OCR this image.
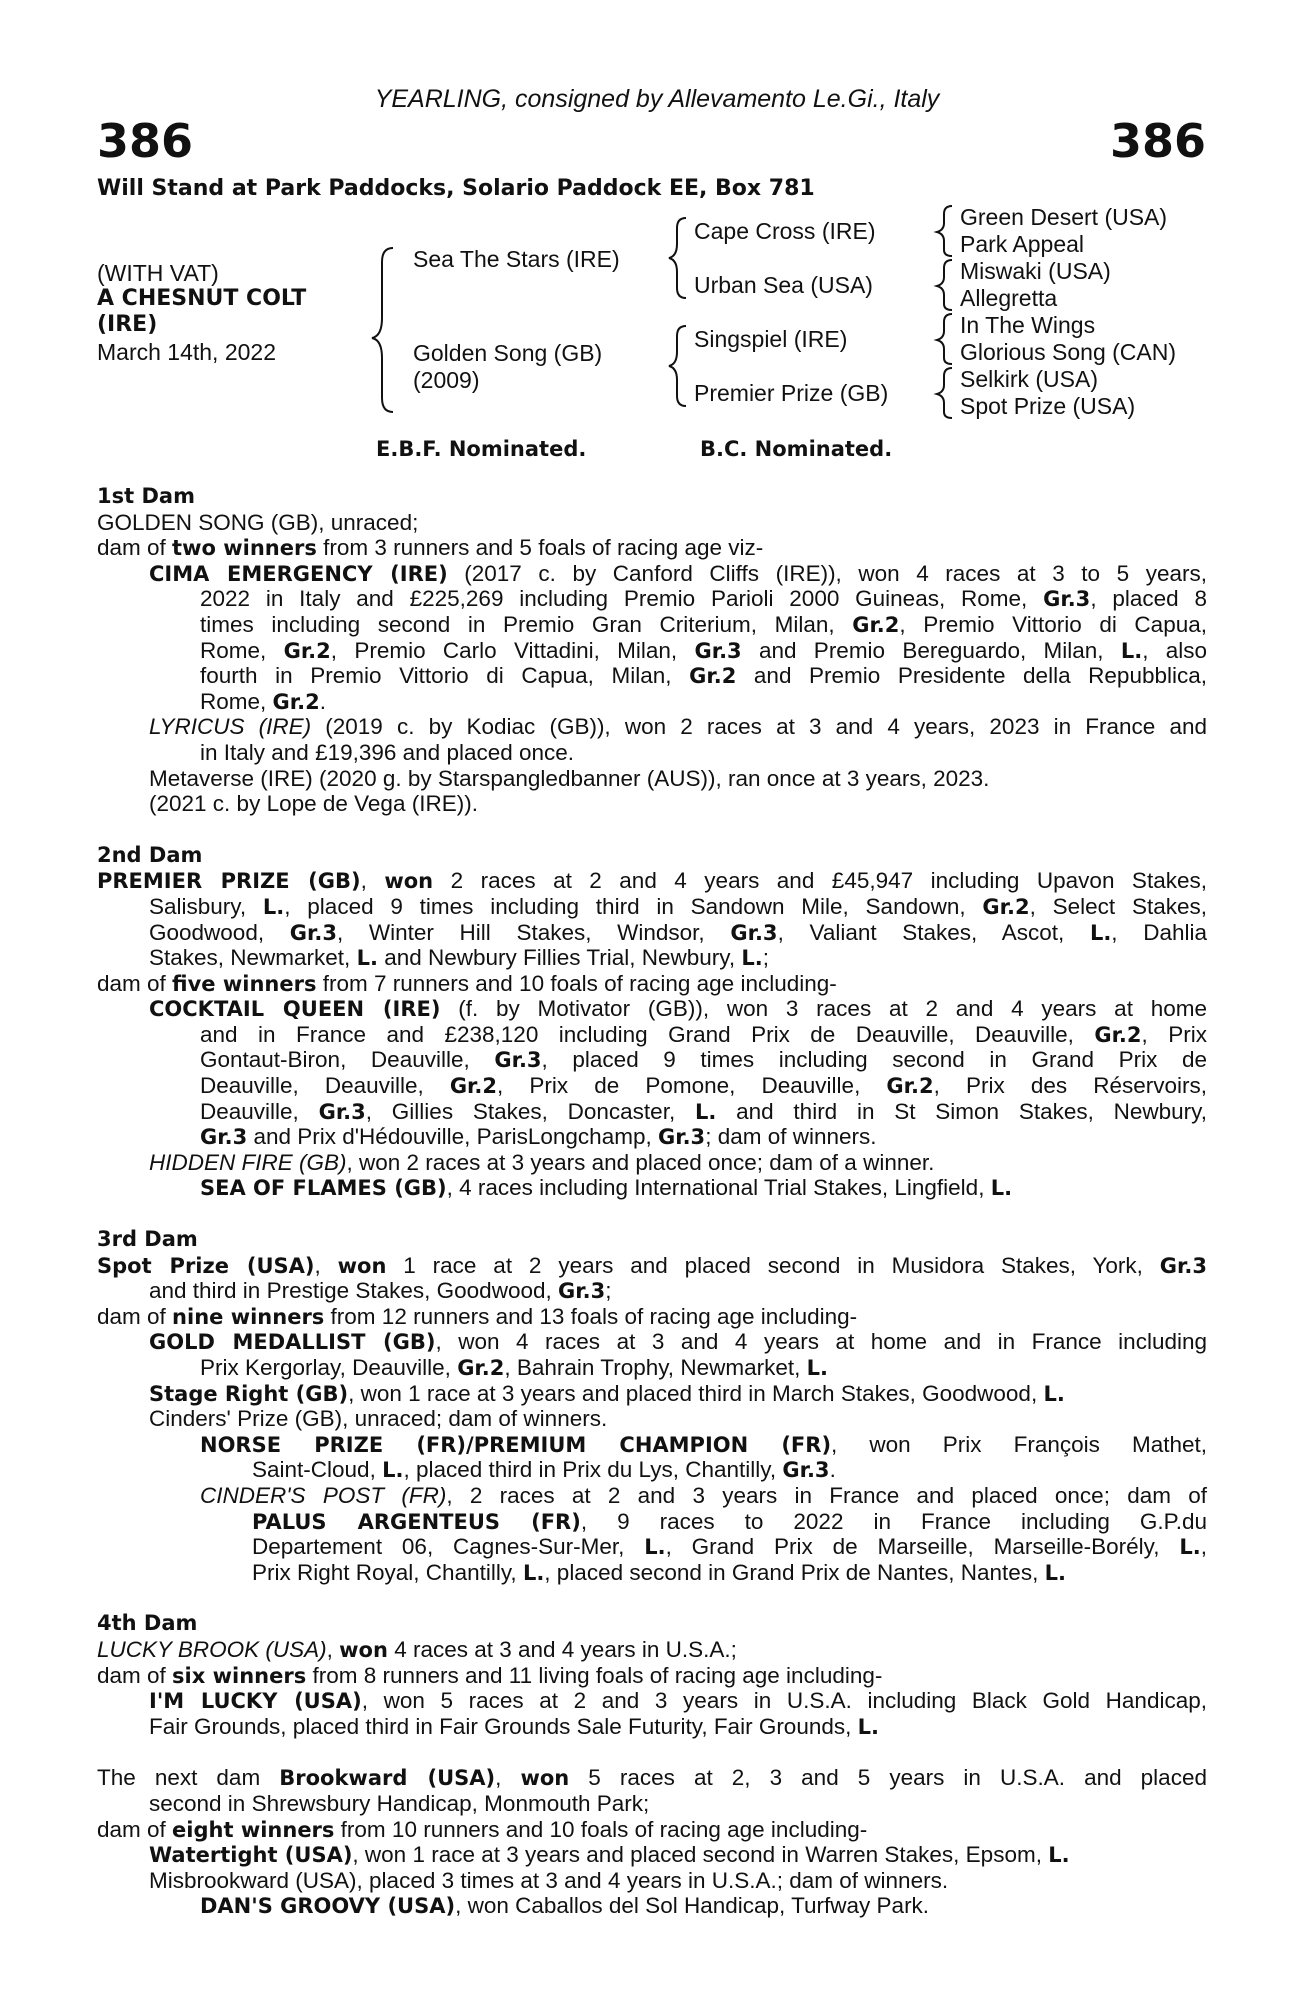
YEARLING, consigned by Allevamento Le.Gi., Italy
386	386
Will Stand at Park Paddocks, Solario Paddock EE, Box 781
(WITH VAT)
A CHESNUT COLT
(IRE)
March 14th, 2022
Sea The Stars (IRE)
Golden Song (GB)
(2009)
Cape Cross (IRE)
Urban Sea (USA)
Singspiel (IRE)
Premier Prize (GB)
Green Desert (USA)
Park Appeal
Miswaki (USA)
Allegretta
In The Wings
Glorious Song (CAN)
Selkirk (USA)
Spot Prize (USA)
E.B.F. Nominated.	B.C. Nominated.
1st Dam
GOLDEN SONG (GB), unraced;
dam of two winners from 3 runners and 5 foals of racing age viz-
CIMA EMERGENCY (IRE) (2017 c. by Canford Cliffs (IRE)), won 4 races at 3 to 5 years,
2022 in Italy and £225,269 including Premio Parioli 2000 Guineas, Rome, Gr.3, placed 8
times including second in Premio Gran Criterium, Milan, Gr.2, Premio Vittorio di Capua,
Rome, Gr.2, Premio Carlo Vittadini, Milan, Gr.3 and Premio Bereguardo, Milan, L., also
fourth in Premio Vittorio di Capua, Milan, Gr.2 and Premio Presidente della Repubblica,
Rome, Gr.2.
LYRICUS (IRE) (2019 c. by Kodiac (GB)), won 2 races at 3 and 4 years, 2023 in France and
in Italy and £19,396 and placed once.
Metaverse (IRE) (2020 g. by Starspangledbanner (AUS)), ran once at 3 years, 2023.
(2021 c. by Lope de Vega (IRE)).
2nd Dam
PREMIER PRIZE (GB), won 2 races at 2 and 4 years and £45,947 including Upavon Stakes,
Salisbury, L., placed 9 times including third in Sandown Mile, Sandown, Gr.2, Select Stakes,
Goodwood, Gr.3, Winter Hill Stakes, Windsor, Gr.3, Valiant Stakes, Ascot, L., Dahlia
Stakes, Newmarket, L. and Newbury Fillies Trial, Newbury, L.;
dam of five winners from 7 runners and 10 foals of racing age including-
COCKTAIL QUEEN (IRE) (f. by Motivator (GB)), won 3 races at 2 and 4 years at home
and in France and £238,120 including Grand Prix de Deauville, Deauville, Gr.2, Prix
Gontaut-Biron, Deauville, Gr.3, placed 9 times including second in Grand Prix de
Deauville, Deauville, Gr.2, Prix de Pomone, Deauville, Gr.2, Prix des Réservoirs,
Deauville, Gr.3, Gillies Stakes, Doncaster, L. and third in St Simon Stakes, Newbury,
Gr.3 and Prix d'Hédouville, ParisLongchamp, Gr.3; dam of winners.
HIDDEN FIRE (GB), won 2 races at 3 years and placed once; dam of a winner.
SEA OF FLAMES (GB), 4 races including International Trial Stakes, Lingfield, L.
3rd Dam
Spot Prize (USA), won 1 race at 2 years and placed second in Musidora Stakes, York, Gr.3
and third in Prestige Stakes, Goodwood, Gr.3;
dam of nine winners from 12 runners and 13 foals of racing age including-
GOLD MEDALLIST (GB), won 4 races at 3 and 4 years at home and in France including
Prix Kergorlay, Deauville, Gr.2, Bahrain Trophy, Newmarket, L.
Stage Right (GB), won 1 race at 3 years and placed third in March Stakes, Goodwood, L.
Cinders' Prize (GB), unraced; dam of winners.
NORSE PRIZE (FR)/PREMIUM CHAMPION (FR), won Prix François Mathet,
Saint-Cloud, L., placed third in Prix du Lys, Chantilly, Gr.3.
CINDER'S POST (FR), 2 races at 2 and 3 years in France and placed once; dam of
PALUS ARGENTEUS (FR), 9 races to 2022 in France including G.P.du
Departement 06, Cagnes-Sur-Mer, L., Grand Prix de Marseille, Marseille-Borély, L.,
Prix Right Royal, Chantilly, L., placed second in Grand Prix de Nantes, Nantes, L.
4th Dam
LUCKY BROOK (USA), won 4 races at 3 and 4 years in U.S.A.;
dam of six winners from 8 runners and 11 living foals of racing age including-
I'M LUCKY (USA), won 5 races at 2 and 3 years in U.S.A. including Black Gold Handicap,
Fair Grounds, placed third in Fair Grounds Sale Futurity, Fair Grounds, L.
The next dam Brookward (USA), won 5 races at 2, 3 and 5 years in U.S.A. and placed
second in Shrewsbury Handicap, Monmouth Park;
dam of eight winners from 10 runners and 10 foals of racing age including-
Watertight (USA), won 1 race at 3 years and placed second in Warren Stakes, Epsom, L.
Misbrookward (USA), placed 3 times at 3 and 4 years in U.S.A.; dam of winners.
DAN'S GROOVY (USA), won Caballos del Sol Handicap, Turfway Park.
